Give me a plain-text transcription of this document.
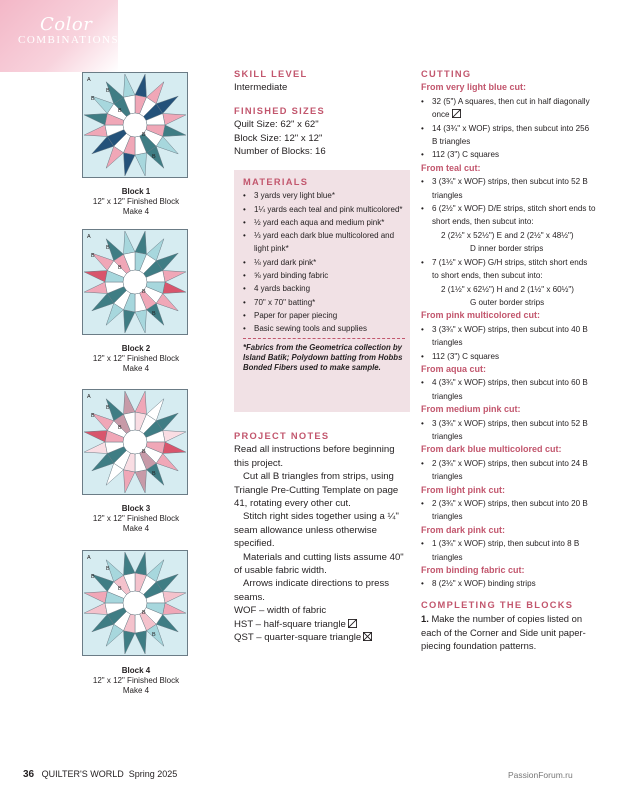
Color
COMBINATIONS
A
B
B
B
B
B
Block 1
12" x 12" Finished Block
Make 4
A
B
B
B
B
B
Block 2
12" x 12" Finished Block
Make 4
A
B
B
B
B
B
Block 3
12" x 12" Finished Block
Make 4
A
B
B
B
B
B
Block 4
12" x 12" Finished Block
Make 4
SKILL LEVEL

Intermediate

FINISHED SIZES

Quilt Size: 62" x 62"

Block Size: 12" x 12"

Number of Blocks: 16

MATERIALS
• 3 yards very light blue*
• 1¼ yards each teal and pink multicolored*
• ½ yard each aqua and medium pink*
• ⅓ yard each dark blue multicolored and light pink*
• ⅛ yard dark pink*
• ⅝ yard binding fabric
• 4 yards backing
• 70" x 70" batting*
• Paper for paper piecing
• Basic sewing tools and supplies
*Fabrics from the Geometrica collection by Island Batik; Polydown batting from Hobbs Bonded Fibers used to make sample.
PROJECT NOTES

Read all instructions before beginning this project.

Cut all B triangles from strips, using Triangle Pre-Cutting Template on page 41, rotating every other cut.

Stitch right sides together using a ¼" seam allowance unless otherwise specified.

Materials and cutting lists assume 40" of usable fabric width.

Arrows indicate directions to press seams.

WOF – width of fabric

HST – half-square triangle

QST – quarter-square triangle

CUTTING
From very light blue cut:
• 32 (5") A squares, then cut in half diagonally once
• 14 (3¾" x WOF) strips, then subcut into 256 B triangles
• 112 (3") C squares
From teal cut:
• 3 (3¾" x WOF) strips, then subcut into 52 B triangles
• 6 (2½" x WOF) D/E strips, stitch short ends to short ends, then subcut into:
2 (2½" x 52½") E and 2 (2½" x 48½")
D inner border strips
• 7 (1½" x WOF) G/H strips, stitch short ends to short ends, then subcut into:
2 (1½" x 62½") H and 2 (1½" x 60½")
G outer border strips
From pink multicolored cut:
• 3 (3¾" x WOF) strips, then subcut into 40 B triangles
• 112 (3") C squares
From aqua cut:
• 4 (3¾" x WOF) strips, then subcut into 60 B triangles
From medium pink cut:
• 3 (3¾" x WOF) strips, then subcut into 52 B triangles
From dark blue multicolored cut:
• 2 (3¾" x WOF) strips, then subcut into 24 B triangles
From light pink cut:
• 2 (3¾" x WOF) strips, then subcut into 20 B triangles
From dark pink cut:
• 1 (3¾" x WOF) strip, then subcut into 8 B triangles
From binding fabric cut:
• 8 (2½" x WOF) binding strips
COMPLETING THE BLOCKS

1. Make the number of copies listed on each of the Corner and Side unit paper-piecing foundation patterns.

36 QUILTER'S WORLD Spring 2025	PassionForum.ru
